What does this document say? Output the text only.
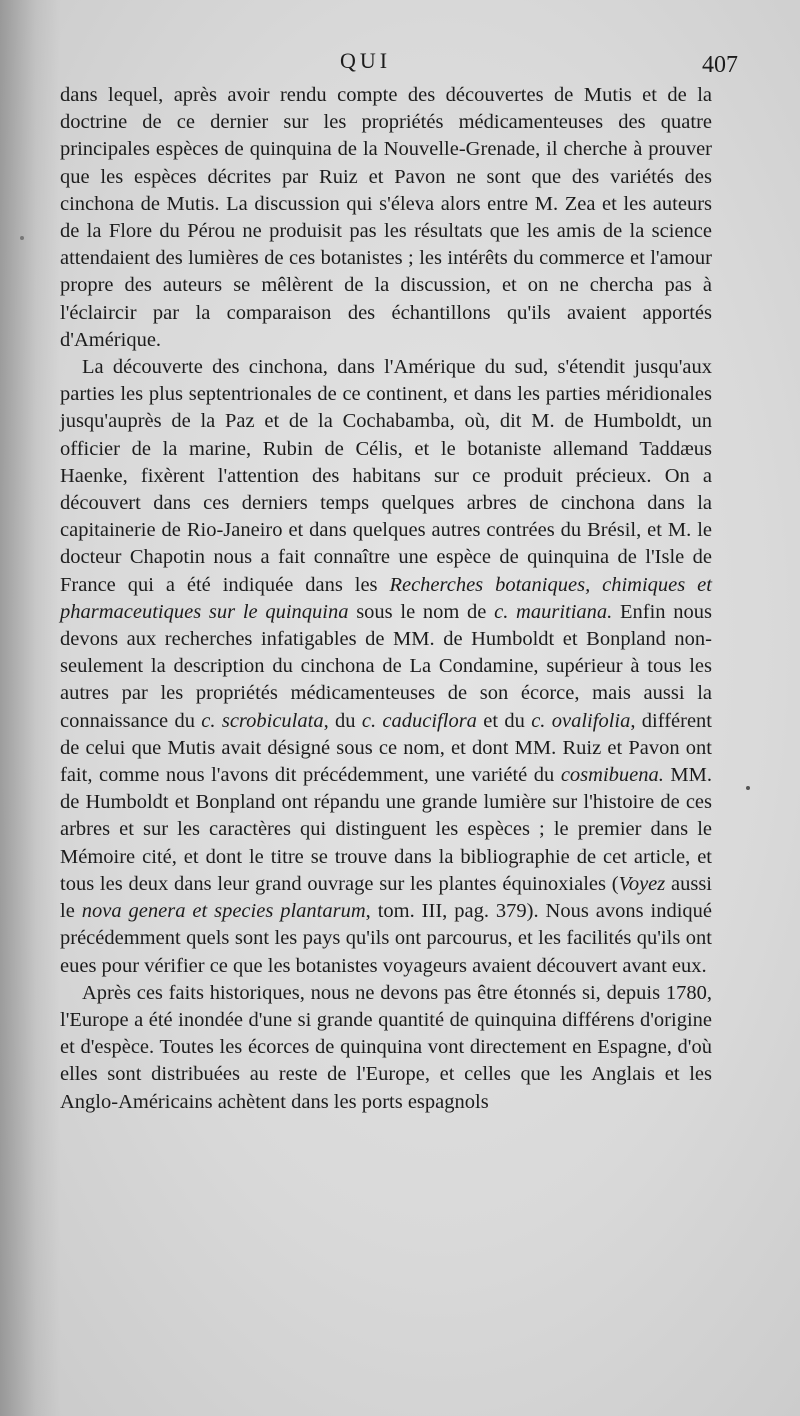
QUI	407

dans lequel, après avoir rendu compte des découvertes de Mutis et de la doctrine de ce dernier sur les propriétés médicamenteuses des quatre principales espèces de quinquina de la Nouvelle-Grenade, il cherche à prouver que les espèces décrites par Ruiz et Pavon ne sont que des variétés des cinchona de Mutis. La discussion qui s'éleva alors entre M. Zea et les auteurs de la Flore du Pérou ne produisit pas les résultats que les amis de la science attendaient des lumières de ces botanistes ; les intérêts du commerce et l'amour propre des auteurs se mêlèrent de la discussion, et on ne chercha pas à l'éclaircir par la comparaison des échantillons qu'ils avaient apportés d'Amérique.

La découverte des cinchona, dans l'Amérique du sud, s'étendit jusqu'aux parties les plus septentrionales de ce continent, et dans les parties méridionales jusqu'auprès de la Paz et de la Cochabamba, où, dit M. de Humboldt, un officier de la marine, Rubin de Célis, et le botaniste allemand Taddæus Haenke, fixèrent l'attention des habitans sur ce produit précieux. On a découvert dans ces derniers temps quelques arbres de cinchona dans la capitainerie de Rio-Janeiro et dans quelques autres contrées du Brésil, et M. le docteur Chapotin nous a fait connaître une espèce de quinquina de l'Isle de France qui a été indiquée dans les Recherches botaniques, chimiques et pharmaceutiques sur le quinquina sous le nom de c. mauritiana. Enfin nous devons aux recherches infatigables de MM. de Humboldt et Bonpland non-seulement la description du cinchona de La Condamine, supérieur à tous les autres par les propriétés médicamenteuses de son écorce, mais aussi la connaissance du c. scrobiculata, du c. caduciflora et du c. ovalifolia, différent de celui que Mutis avait désigné sous ce nom, et dont MM. Ruiz et Pavon ont fait, comme nous l'avons dit précédemment, une variété du cosmibuena. MM. de Humboldt et Bonpland ont répandu une grande lumière sur l'histoire de ces arbres et sur les caractères qui distinguent les espèces ; le premier dans le Mémoire cité, et dont le titre se trouve dans la bibliographie de cet article, et tous les deux dans leur grand ouvrage sur les plantes équinoxiales (Voyez aussi le nova genera et species plantarum, tom. III, pag. 379). Nous avons indiqué précédemment quels sont les pays qu'ils ont parcourus, et les facilités qu'ils ont eues pour vérifier ce que les botanistes voyageurs avaient découvert avant eux.

Après ces faits historiques, nous ne devons pas être étonnés si, depuis 1780, l'Europe a été inondée d'une si grande quantité de quinquina différens d'origine et d'espèce. Toutes les écorces de quinquina vont directement en Espagne, d'où elles sont distribuées au reste de l'Europe, et celles que les Anglais et les Anglo-Américains achètent dans les ports espagnols
